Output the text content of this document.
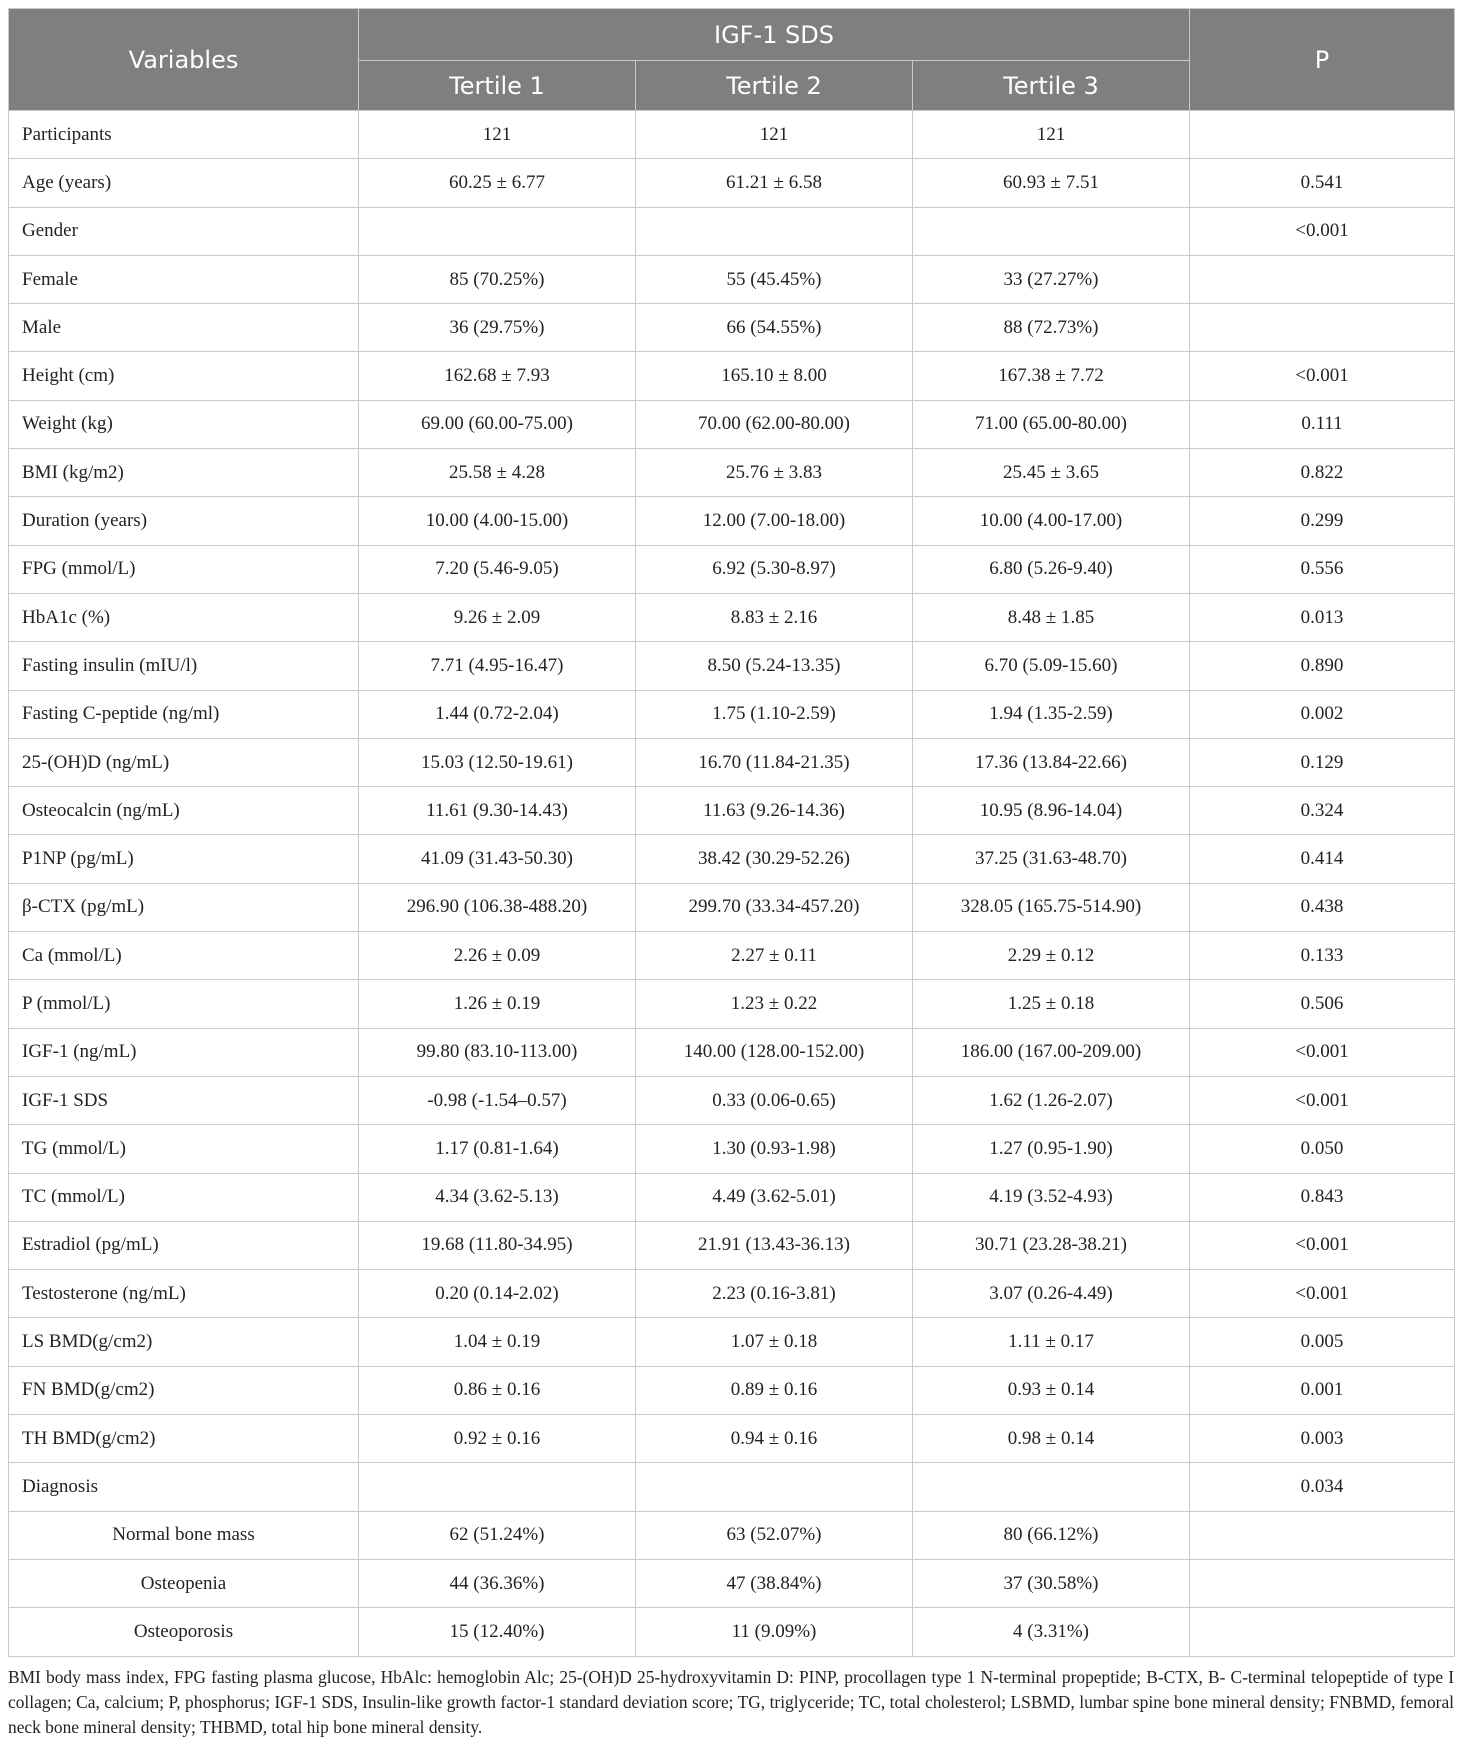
Variables	IGF-1 SDS			P
	Tertile 1	Tertile 2	Tertile 3	
Participants	121	121	121	
Age (years)	60.25 ± 6.77	61.21 ± 6.58	60.93 ± 7.51	0.541
Gender				<0.001
Female	85 (70.25%)	55 (45.45%)	33 (27.27%)	
Male	36 (29.75%)	66 (54.55%)	88 (72.73%)	
Height (cm)	162.68 ± 7.93	165.10 ± 8.00	167.38 ± 7.72	<0.001
Weight (kg)	69.00 (60.00-75.00)	70.00 (62.00-80.00)	71.00 (65.00-80.00)	0.111
BMI (kg/m2)	25.58 ± 4.28	25.76 ± 3.83	25.45 ± 3.65	0.822
Duration (years)	10.00 (4.00-15.00)	12.00 (7.00-18.00)	10.00 (4.00-17.00)	0.299
FPG (mmol/L)	7.20 (5.46-9.05)	6.92 (5.30-8.97)	6.80 (5.26-9.40)	0.556
HbA1c (%)	9.26 ± 2.09	8.83 ± 2.16	8.48 ± 1.85	0.013
Fasting insulin (mIU/l)	7.71 (4.95-16.47)	8.50 (5.24-13.35)	6.70 (5.09-15.60)	0.890
Fasting C-peptide (ng/ml)	1.44 (0.72-2.04)	1.75 (1.10-2.59)	1.94 (1.35-2.59)	0.002
25-(OH)D (ng/mL)	15.03 (12.50-19.61)	16.70 (11.84-21.35)	17.36 (13.84-22.66)	0.129
Osteocalcin (ng/mL)	11.61 (9.30-14.43)	11.63 (9.26-14.36)	10.95 (8.96-14.04)	0.324
P1NP (pg/mL)	41.09 (31.43-50.30)	38.42 (30.29-52.26)	37.25 (31.63-48.70)	0.414
β-CTX (pg/mL)	296.90 (106.38-488.20)	299.70 (33.34-457.20)	328.05 (165.75-514.90)	0.438
Ca (mmol/L)	2.26 ± 0.09	2.27 ± 0.11	2.29 ± 0.12	0.133
P (mmol/L)	1.26 ± 0.19	1.23 ± 0.22	1.25 ± 0.18	0.506
IGF-1 (ng/mL)	99.80 (83.10-113.00)	140.00 (128.00-152.00)	186.00 (167.00-209.00)	<0.001
IGF-1 SDS	-0.98 (-1.54–0.57)	0.33 (0.06-0.65)	1.62 (1.26-2.07)	<0.001
TG (mmol/L)	1.17 (0.81-1.64)	1.30 (0.93-1.98)	1.27 (0.95-1.90)	0.050
TC (mmol/L)	4.34 (3.62-5.13)	4.49 (3.62-5.01)	4.19 (3.52-4.93)	0.843
Estradiol (pg/mL)	19.68 (11.80-34.95)	21.91 (13.43-36.13)	30.71 (23.28-38.21)	<0.001
Testosterone (ng/mL)	0.20 (0.14-2.02)	2.23 (0.16-3.81)	3.07 (0.26-4.49)	<0.001
LS BMD(g/cm2)	1.04 ± 0.19	1.07 ± 0.18	1.11 ± 0.17	0.005
FN BMD(g/cm2)	0.86 ± 0.16	0.89 ± 0.16	0.93 ± 0.14	0.001
TH BMD(g/cm2)	0.92 ± 0.16	0.94 ± 0.16	0.98 ± 0.14	0.003
Diagnosis				0.034
Normal bone mass	62 (51.24%)	63 (52.07%)	80 (66.12%)	
Osteopenia	44 (36.36%)	47 (38.84%)	37 (30.58%)	
Osteoporosis	15 (12.40%)	11 (9.09%)	4 (3.31%)	
BMI body mass index, FPG fasting plasma glucose, HbAlc: hemoglobin Alc; 25-(OH)D 25-hydroxyvitamin D: PINP, procollagen type 1 N-terminal propeptide; B-CTX, B- C-terminal telopeptide of type I collagen; Ca, calcium; P, phosphorus; IGF-1 SDS, Insulin-like growth factor-1 standard deviation score; TG, triglyceride; TC, total cholesterol; LSBMD, lumbar spine bone mineral density; FNBMD, femoral neck bone mineral density; THBMD, total hip bone mineral density.
